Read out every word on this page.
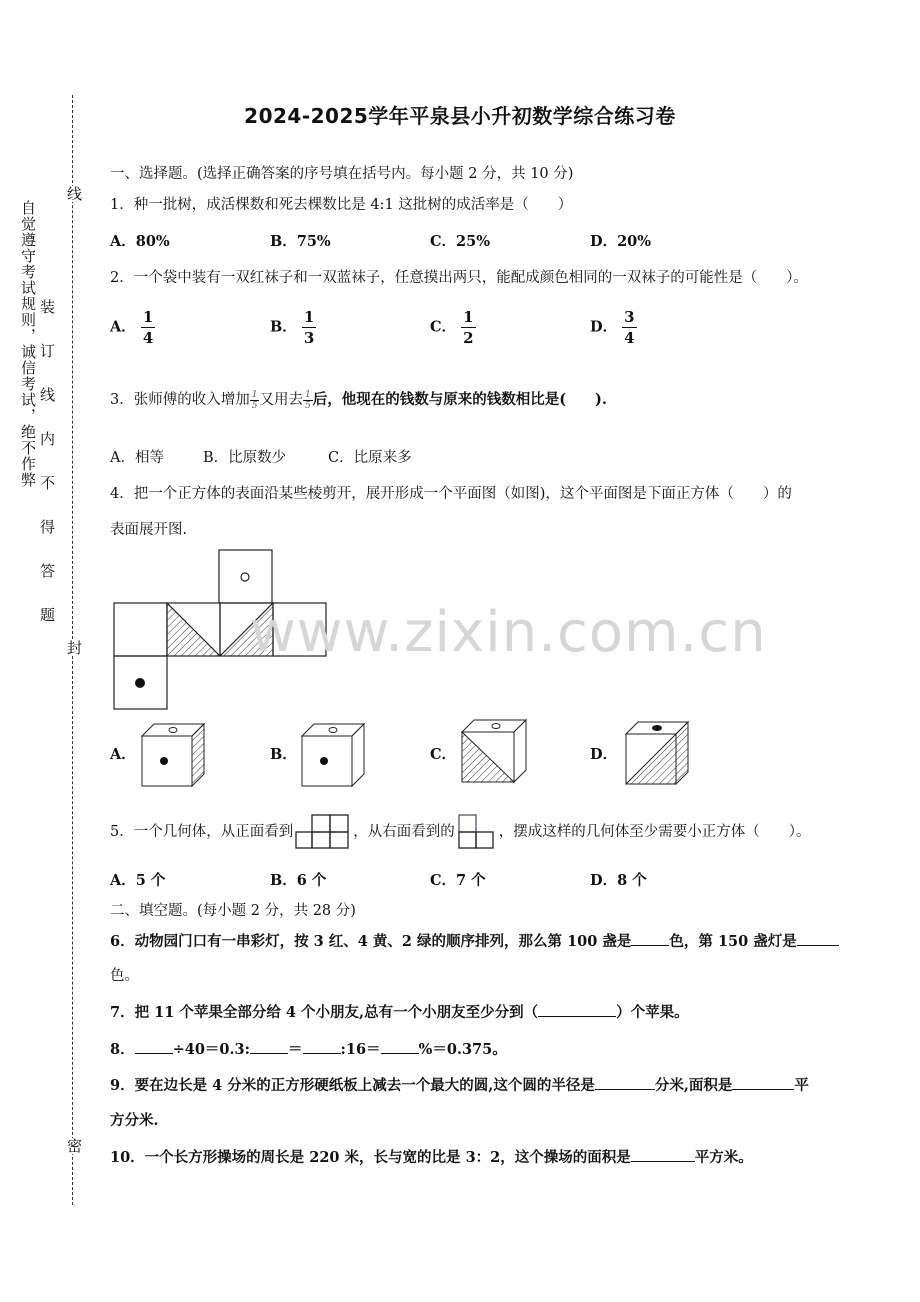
线
封
密
自觉遵守考试规则，诚信考试，绝不作弊 装
订
线
内
不
得
答
题
2024-2025学年平泉县小升初数学综合练习卷
一、选择题。(选择正确答案的序号填在括号内。每小题 2 分，共 10 分)
1．种一批树，成活棵数和死去棵数比是 4:1 这批树的成活率是（　　）
A．80%	B．75%	C．25%	D．20%
2．一个袋中装有一双红袜子和一双蓝袜子，任意摸出两只，能配成颜色相同的一双袜子的可能性是（　　）。
A． $\frac{1}{4}$	B． $\frac{1}{3}$	C． $\frac{1}{2}$	D． $\frac{3}{4}$
3．张师傅的收入增加 $\frac{1}{5}$ 又用去 $\frac{1}{5}$ 后，他现在的钱数与原来的钱数相比是(　　).
A．相等	B．比原数少	C．比原来多
4．把一个正方体的表面沿某些棱剪开，展开形成一个平面图（如图)，这个平面图是下面正方体（　　）的
表面展开图.
www.zixin.com.cn
A．	B．	C．	D．
5．一个几何体，从正面看到	，从右面看到的	，摆成这样的几何体至少需要小正方体（　　）。
A．5 个	B．6 个	C．7 个	D．8 个
二、填空题。(每小题 2 分，共 28 分)
6．动物园门口有一串彩灯，按 3 红、4 黄、2 绿的顺序排列，那么第 100 盏是	色，第 150 盏灯是
色。
7．把 11 个苹果全部分给 4 个小朋友,总有一个小朋友至少分到（	）个苹果。
8．	÷40＝0.3:	＝	:16＝	%＝0.375。
9．要在边长是 4 分米的正方形硬纸板上减去一个最大的圆,这个圆的半径是	分米,面积是	平
方分米.
10．一个长方形操场的周长是 220 米，长与宽的比是 3：2，这个操场的面积是	平方米。
